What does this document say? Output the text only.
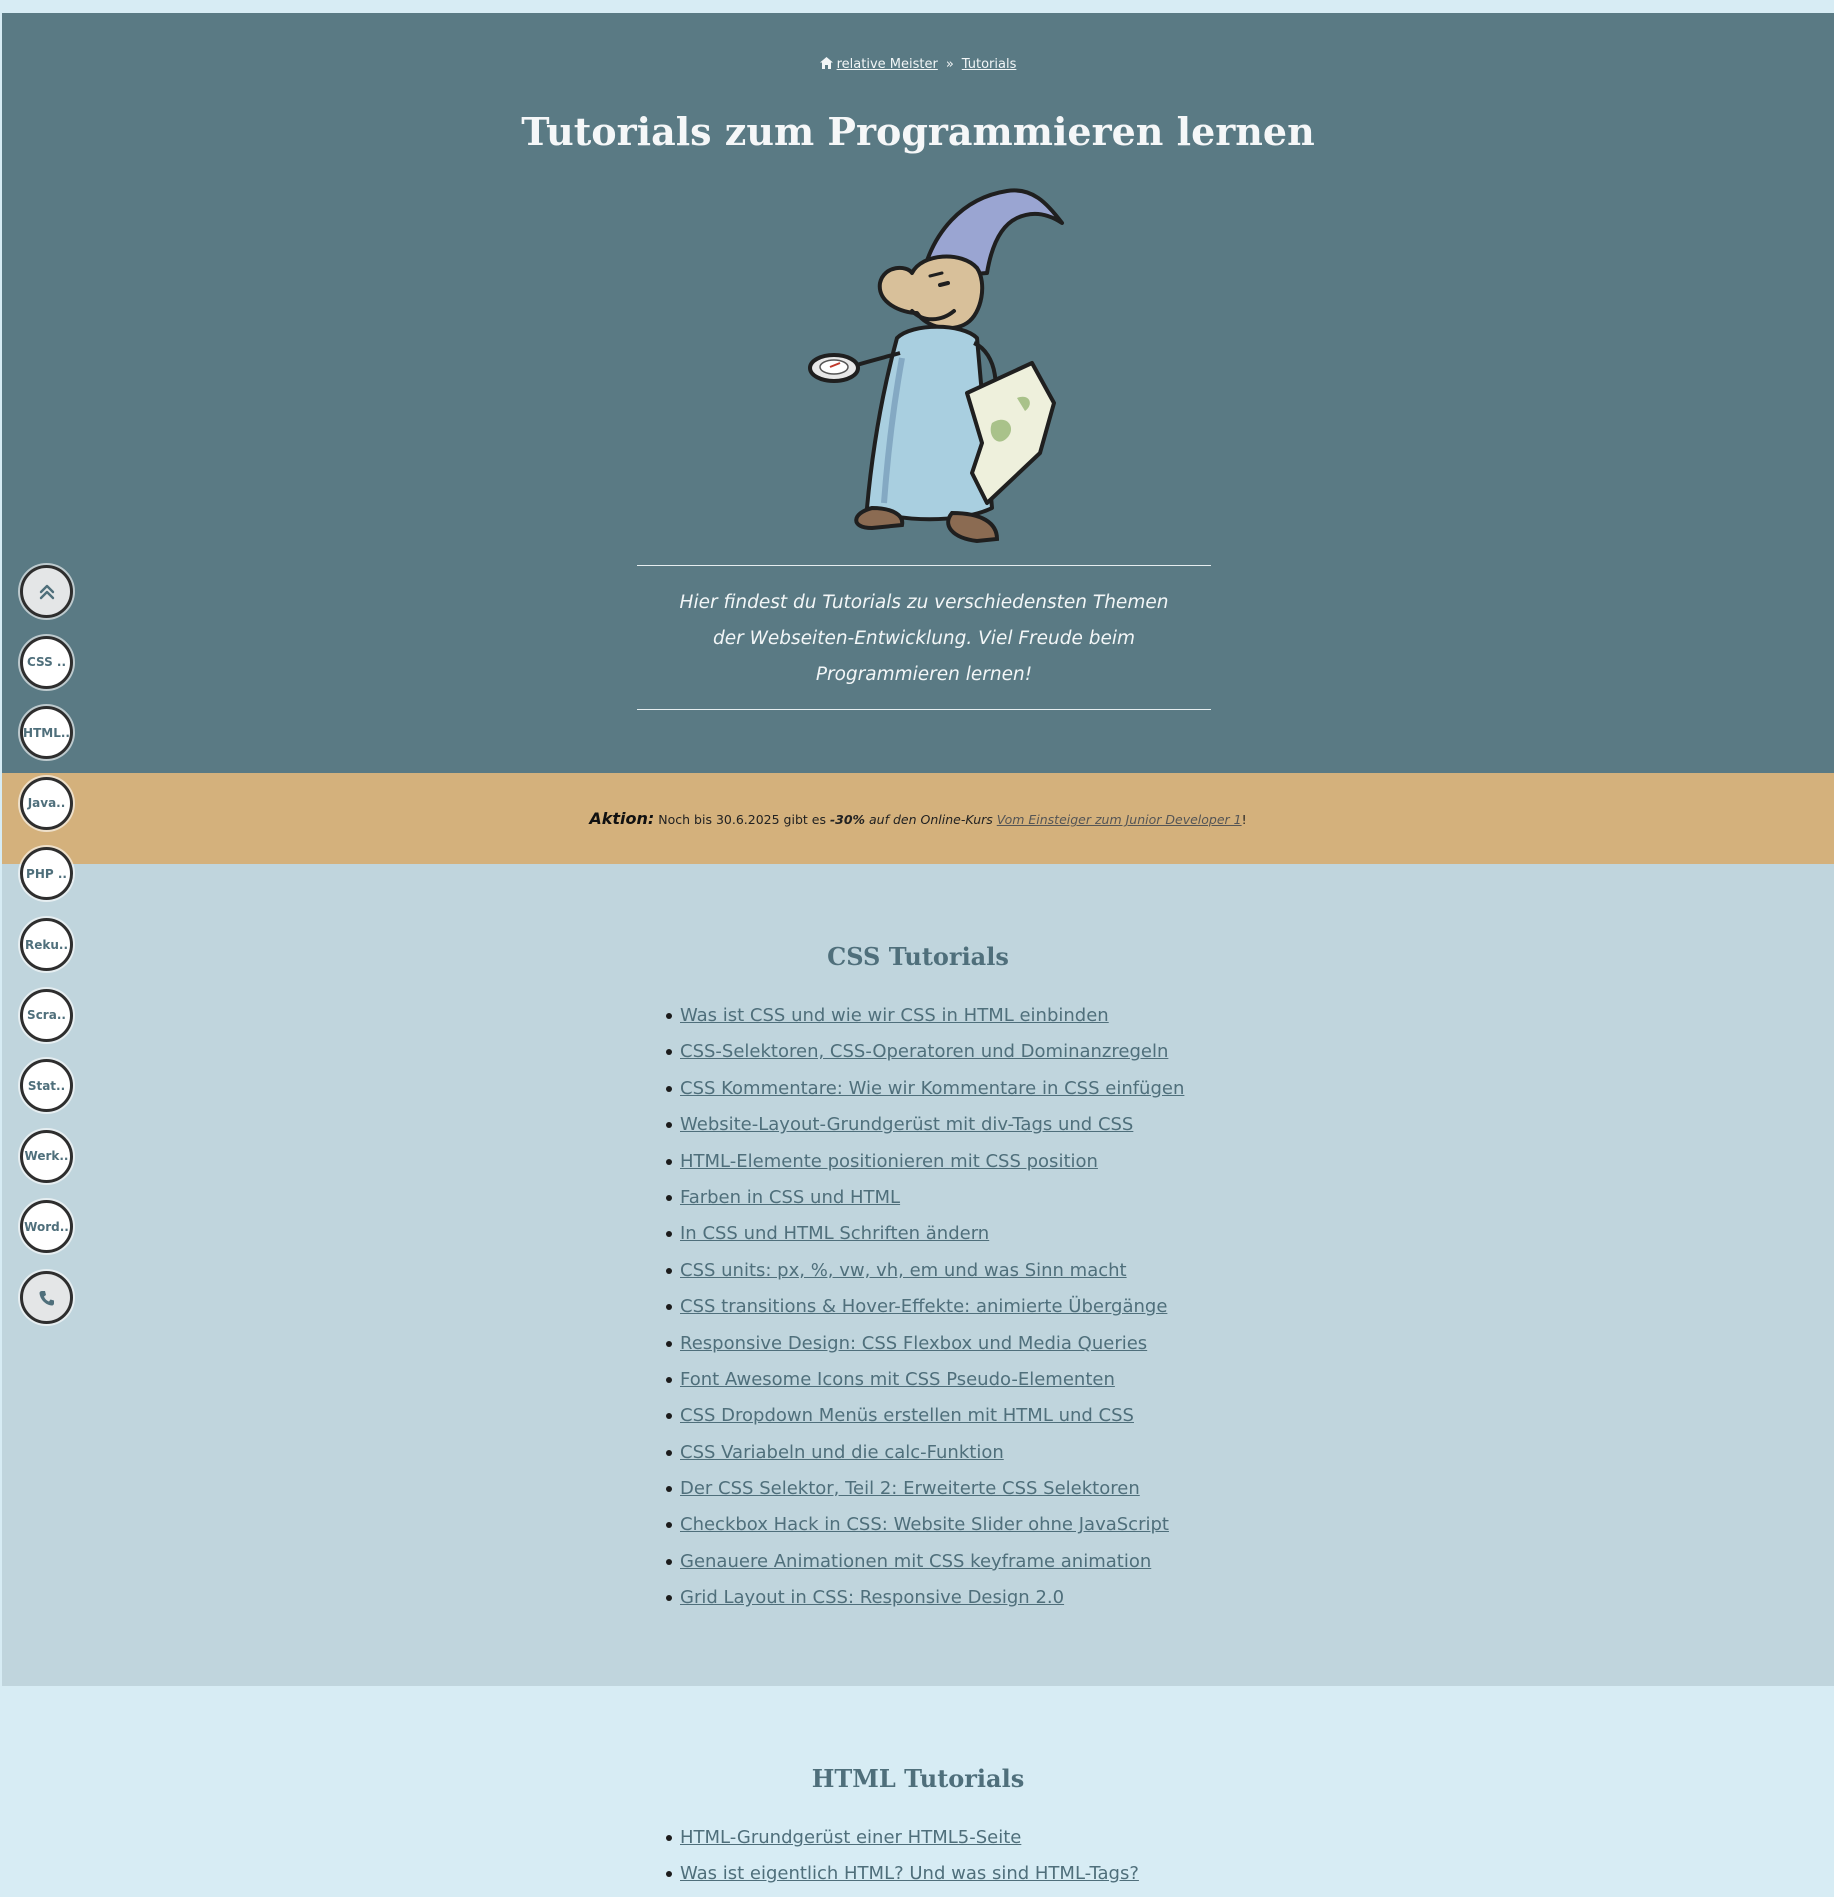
relative Meister » Tutorials
Tutorials zum Programmieren lernen

Hier findest du Tutorials zu verschiedensten Themen der Webseiten-Entwicklung. Viel Freude beim Programmieren lernen!

Aktion: Noch bis 30.6.2025 gibt es -30% auf den Online-Kurs Vom Einsteiger zum Junior Developer 1!
CSS Tutorials
Was ist CSS und wie wir CSS in HTML einbinden
CSS-Selektoren, CSS-Operatoren und Dominanzregeln
CSS Kommentare: Wie wir Kommentare in CSS einfügen
Website-Layout-Grundgerüst mit div-Tags und CSS
HTML-Elemente positionieren mit CSS position
Farben in CSS und HTML
In CSS und HTML Schriften ändern
CSS units: px, %, vw, vh, em und was Sinn macht
CSS transitions & Hover-Effekte: animierte Übergänge
Responsive Design: CSS Flexbox und Media Queries
Font Awesome Icons mit CSS Pseudo-Elementen
CSS Dropdown Menüs erstellen mit HTML und CSS
CSS Variabeln und die calc-Funktion
Der CSS Selektor, Teil 2: Erweiterte CSS Selektoren
Checkbox Hack in CSS: Website Slider ohne JavaScript
Genauere Animationen mit CSS keyframe animation
Grid Layout in CSS: Responsive Design 2.0
HTML Tutorials
HTML-Grundgerüst einer HTML5-Seite
Was ist eigentlich HTML? Und was sind HTML-Tags?
CSS ..
HTML..
Java..
PHP ..
Reku..
Scra..
Stat..
Werk..
Word..
